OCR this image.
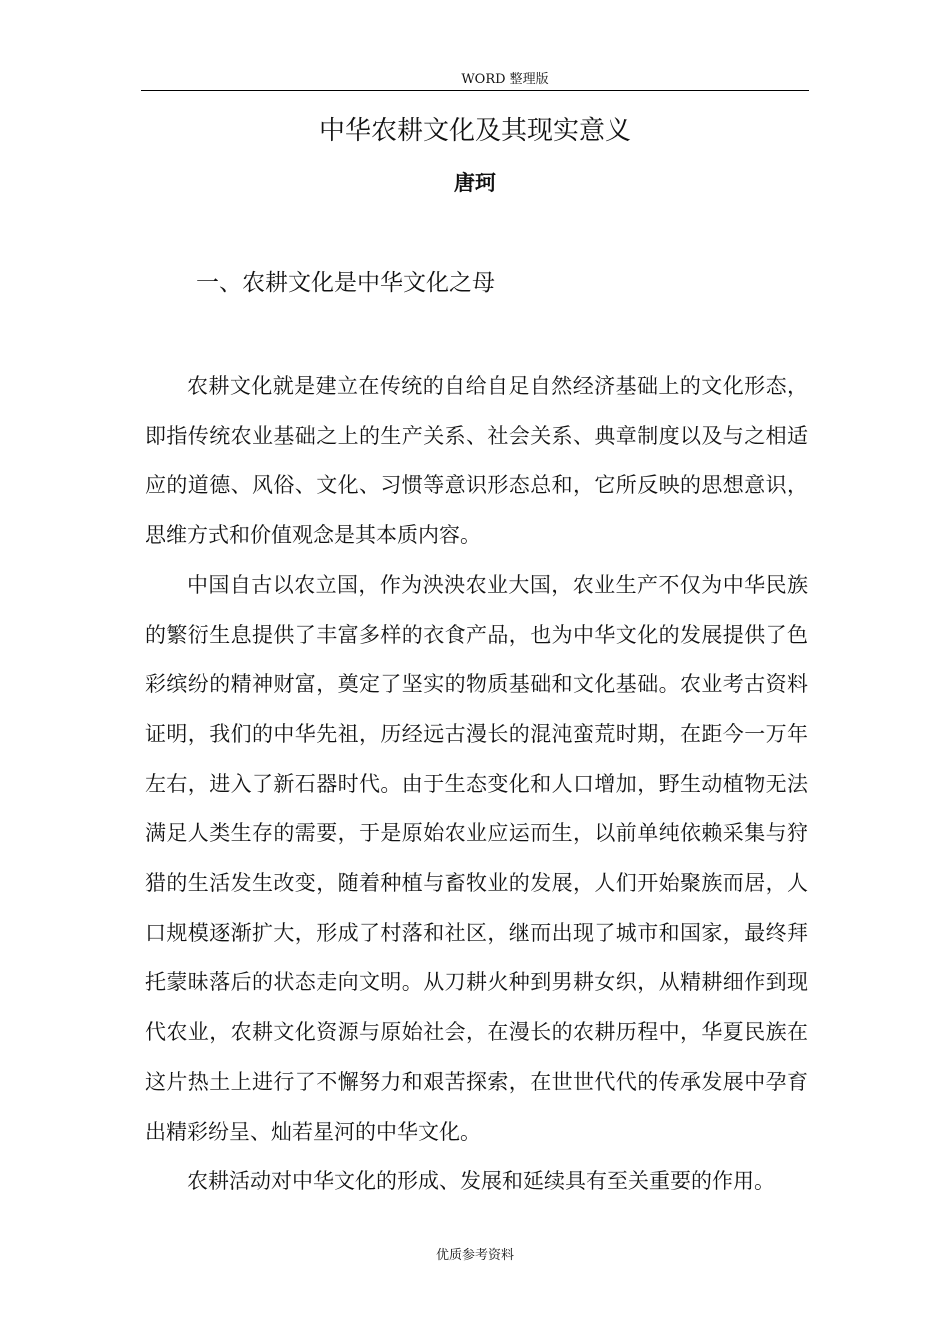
WORD 整理版
中华农耕文化及其现实意义
唐珂
一、农耕文化是中华文化之母

农耕文化就是建立在传统的自给自足自然经济基础上的文化形态，即指传统农业基础之上的生产关系、社会关系、典章制度以及与之相适应的道德、风俗、文化、习惯等意识形态总和，它所反映的思想意识，思维方式和价值观念是其本质内容。

中国自古以农立国，作为泱泱农业大国，农业生产不仅为中华民族的繁衍生息提供了丰富多样的衣食产品，也为中华文化的发展提供了色彩缤纷的精神财富，奠定了坚实的物质基础和文化基础。农业考古资料证明，我们的中华先祖，历经远古漫长的混沌蛮荒时期，在距今一万年左右，进入了新石器时代。由于生态变化和人口增加，野生动植物无法满足人类生存的需要，于是原始农业应运而生，以前单纯依赖采集与狩猎的生活发生改变，随着种植与畜牧业的发展，人们开始聚族而居，人口规模逐渐扩大，形成了村落和社区，继而出现了城市和国家，最终拜托蒙昧落后的状态走向文明。从刀耕火种到男耕女织，从精耕细作到现代农业，农耕文化资源与原始社会，在漫长的农耕历程中，华夏民族在这片热土上进行了不懈努力和艰苦探索，在世世代代的传承发展中孕育出精彩纷呈、灿若星河的中华文化。

农耕活动对中华文化的形成、发展和延续具有至关重要的作用。

优质参考资料
